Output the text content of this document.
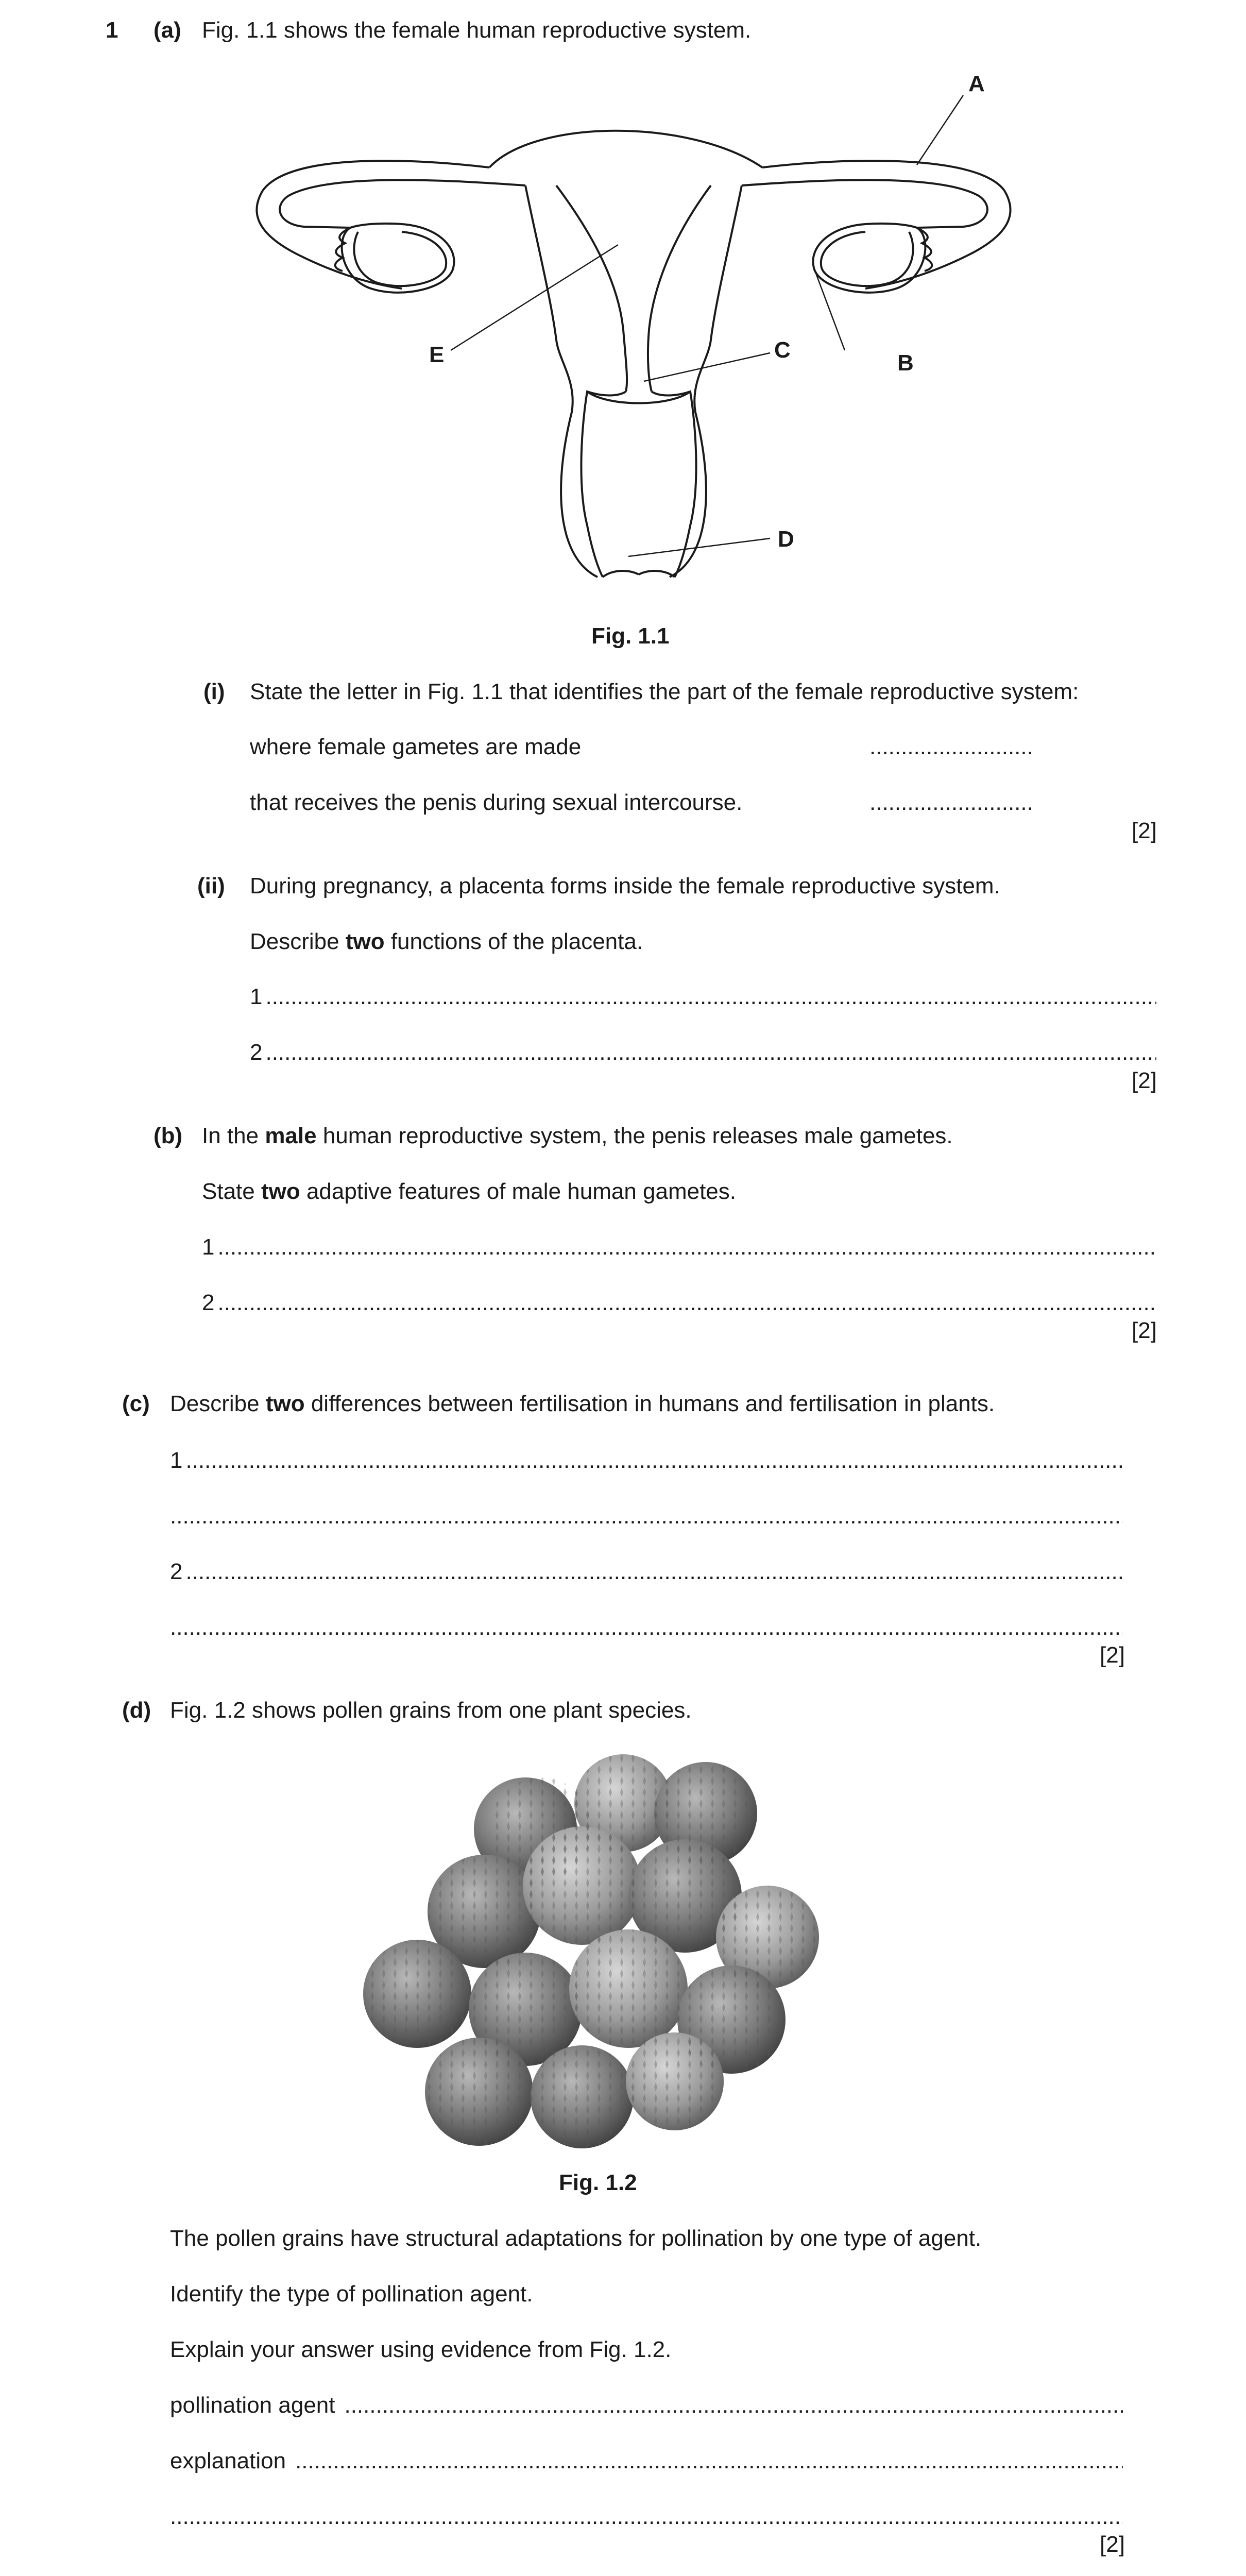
1 (a) Fig. 1.1 shows the female human reproductive system.
A
B
C
D
E
Fig. 1.1
(i) State the letter in Fig. 1.1 that identifies the part of the female reproductive system:
where female gametes are made	..........................
that receives the penis during sexual intercourse.	..........................
[2]
(ii) During pregnancy, a placenta forms inside the female reproductive system.
Describe two functions of the placenta.
1
.....
2
.....
[2]
(b) In the male human reproductive system, the penis releases male gametes.
State two adaptive features of male human gametes.
1
.....
2
.....
[2]
(c) Describe two differences between fertilisation in humans and fertilisation in plants.
1
.....
.....
2
.....
.....
[2]
(d) Fig. 1.2 shows pollen grains from one plant species.
Fig. 1.2
The pollen grains have structural adaptations for pollination by one type of agent.
Identify the type of pollination agent.
Explain your answer using evidence from Fig. 1.2.
pollination agent
.....
explanation
.....
.....
[2]
